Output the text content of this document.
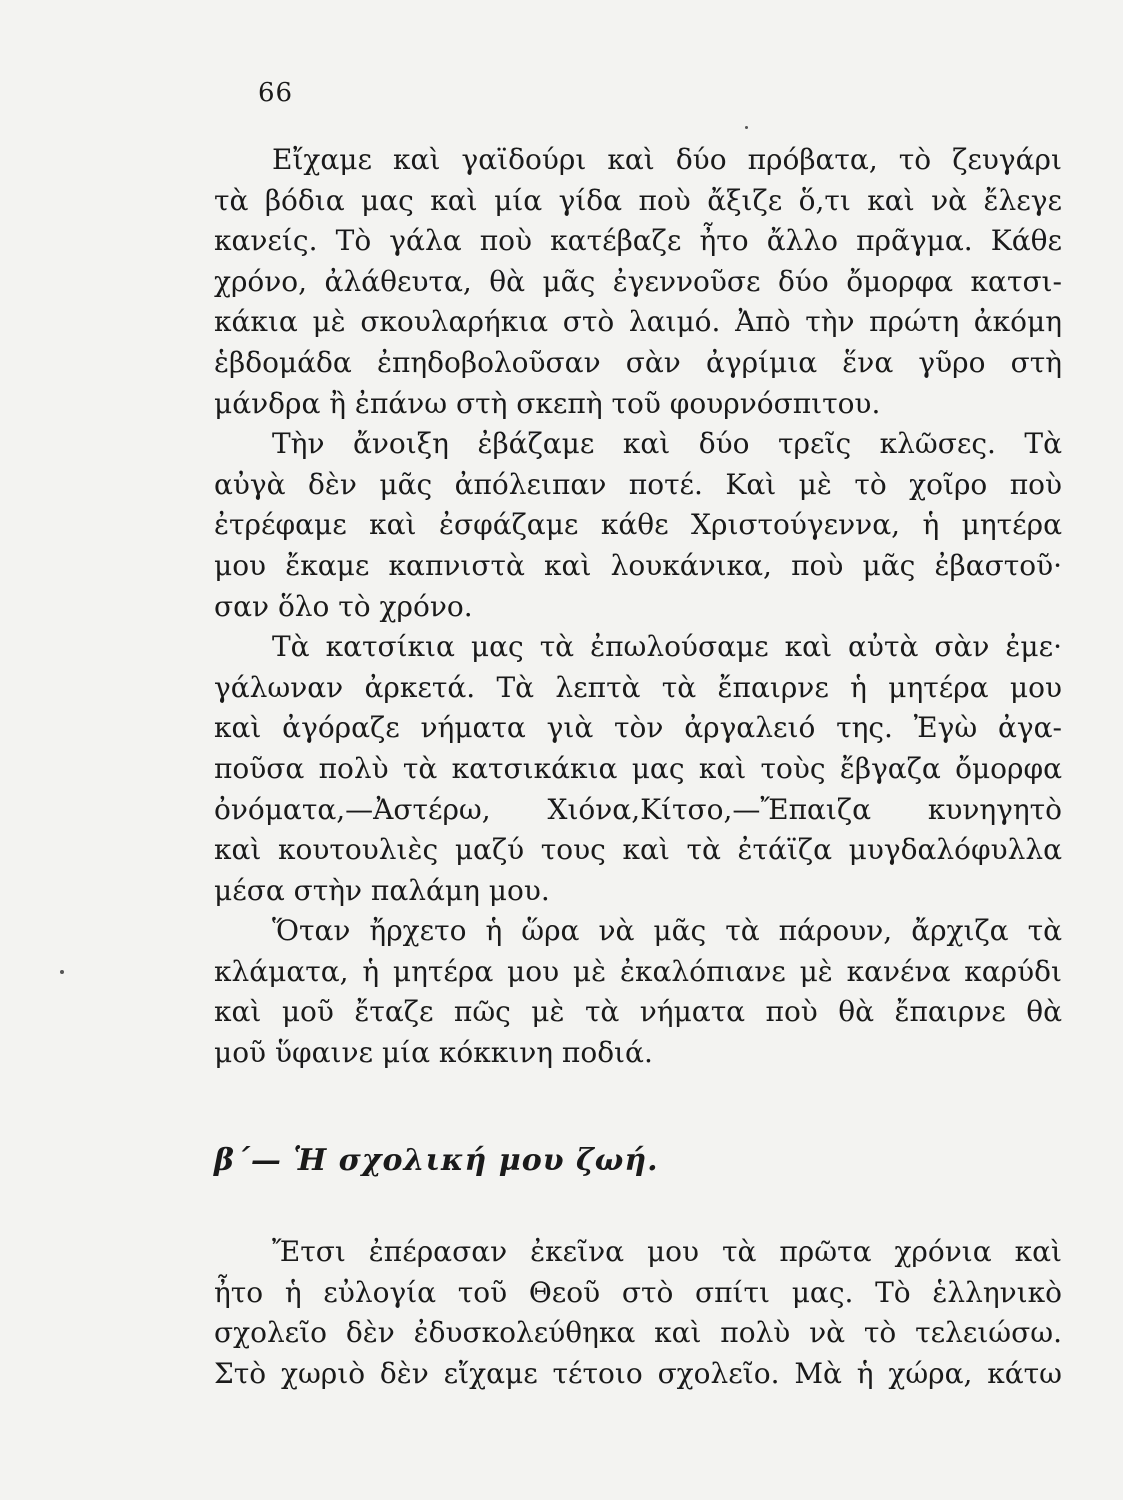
66
Εἴχαμε καὶ γαϊδούρι καὶ δύο πρόβατα, τὸ ζευγάρι
τὰ βόδια μας καὶ μία γίδα ποὺ ἄξιζε ὅ,τι καὶ νὰ ἔλεγε
κανείς. Τὸ γάλα ποὺ κατέβαζε ἦτο ἄλλο πρᾶγμα. Κάθε
χρόνο, ἀλάθευτα, θὰ μᾶς ἐγεννοῦσε δύο ὄμορφα κατσι-
κάκια μὲ σκουλαρήκια στὸ λαιμό. Ἀπὸ τὴν πρώτη ἀκόμη
ἑβδομάδα ἐπηδοβολοῦσαν σὰν ἀγρίμια ἕνα γῦρο στὴ
μάνδρα ἢ ἐπάνω στὴ σκεπὴ τοῦ φουρνόσπιτου.
Τὴν ἄνοιξη ἐβάζαμε καὶ δύο τρεῖς κλῶσες. Τὰ
αὐγὰ δὲν μᾶς ἀπόλειπαν ποτέ. Καὶ μὲ τὸ χοῖρο ποὺ
ἐτρέφαμε καὶ ἐσφάζαμε κάθε Χριστούγεννα, ἡ μητέρα
μου ἔκαμε καπνιστὰ καὶ λουκάνικα, ποὺ μᾶς ἐβαστοῦ·
σαν ὅλο τὸ χρόνο.
Τὰ κατσίκια μας τὰ ἐπωλούσαμε καὶ αὐτὰ σὰν ἐμε·
γάλωναν ἀρκετά. Τὰ λεπτὰ τὰ ἔπαιρνε ἡ μητέρα μου
καὶ ἀγόραζε νήματα γιὰ τὸν ἀργαλειό της. Ἐγὼ ἀγα-
ποῦσα πολὺ τὰ κατσικάκια μας καὶ τοὺς ἔβγαζα ὄμορφα
ὀνόματα,—Ἀστέρω, Χιόνα,Κίτσο,—Ἔπαιζα κυνηγητὸ
καὶ κουτουλιὲς μαζύ τους καὶ τὰ ἐτάϊζα μυγδαλόφυλλα
μέσα στὴν παλάμη μου.
Ὅταν ἤρχετο ἡ ὥρα νὰ μᾶς τὰ πάρουν, ἄρχιζα τὰ
κλάματα, ἡ μητέρα μου μὲ ἐκαλόπιανε μὲ κανένα καρύδι
καὶ μοῦ ἔταζε πῶς μὲ τὰ νήματα ποὺ θὰ ἔπαιρνε θὰ
μοῦ ὕφαινε μία κόκκινη ποδιά.
β΄— Ἡ σχολική μου ζωή.
Ἔτσι ἐπέρασαν ἐκεῖνα μου τὰ πρῶτα χρόνια καὶ
ἦτο ἡ εὐλογία τοῦ Θεοῦ στὸ σπίτι μας. Τὸ ἑλληνικὸ
σχολεῖο δὲν ἐδυσκολεύθηκα καὶ πολὺ νὰ τὸ τελειώσω.
Στὸ χωριὸ δὲν εἴχαμε τέτοιο σχολεῖο. Μὰ ἡ χώρα, κάτω
